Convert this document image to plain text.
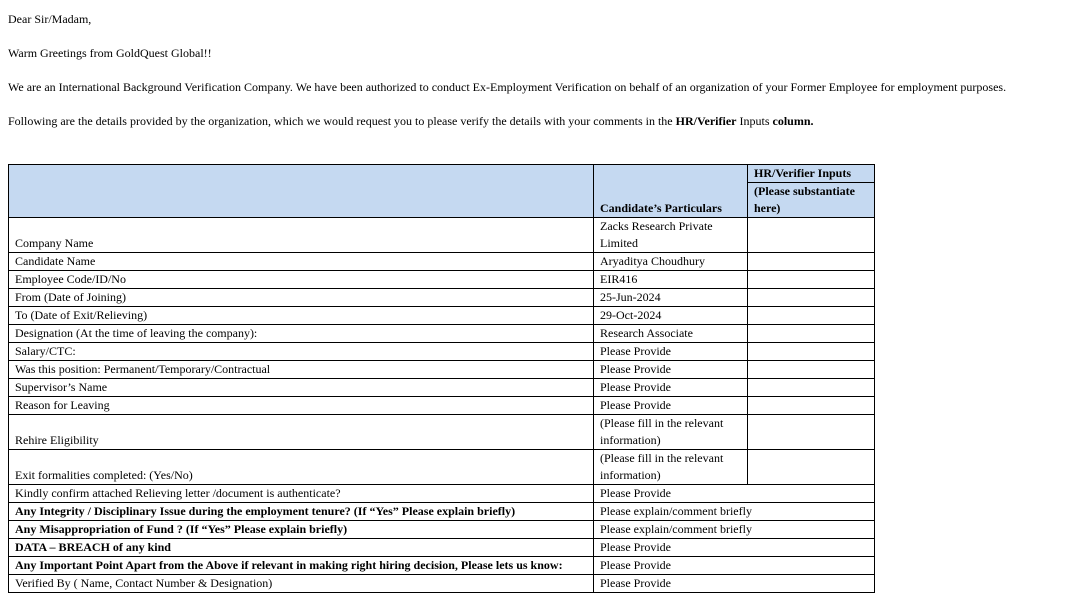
Dear Sir/Madam,

Warm Greetings from GoldQuest Global!!

We are an International Background Verification Company. We have been authorized to conduct Ex-Employment Verification on behalf of an organization of your Former Employee for employment purposes.

Following are the details provided by the organization, which we would request you to please verify the details with your comments in the HR/Verifier Inputs column.

	Candidate’s Particulars	HR/Verifier Inputs
		(Please substantiate here)
Company Name	Zacks Research Private Limited	
Candidate Name	Aryaditya Choudhury	
Employee Code/ID/No	EIR416	
From (Date of Joining)	25-Jun-2024	
To (Date of Exit/Relieving)	29-Oct-2024	
Designation (At the time of leaving the company):	Research Associate	
Salary/CTC:	Please Provide	
Was this position: Permanent/Temporary/Contractual	Please Provide	
Supervisor’s Name	Please Provide	
Reason for Leaving	Please Provide	
Rehire Eligibility	(Please fill in the relevant information)	
Exit formalities completed: (Yes/No)	(Please fill in the relevant information)	
Kindly confirm attached Relieving letter /document is authenticate?	Please Provide	
Any Integrity / Disciplinary Issue during the employment tenure? (If “Yes” Please explain briefly)	Please explain/comment briefly	
Any Misappropriation of Fund ? (If “Yes” Please explain briefly)	Please explain/comment briefly	
DATA – BREACH of any kind	Please Provide	
Any Important Point Apart from the Above if relevant in making right hiring decision, Please lets us know:	Please Provide	
Verified By ( Name, Contact Number & Designation)	Please Provide	
